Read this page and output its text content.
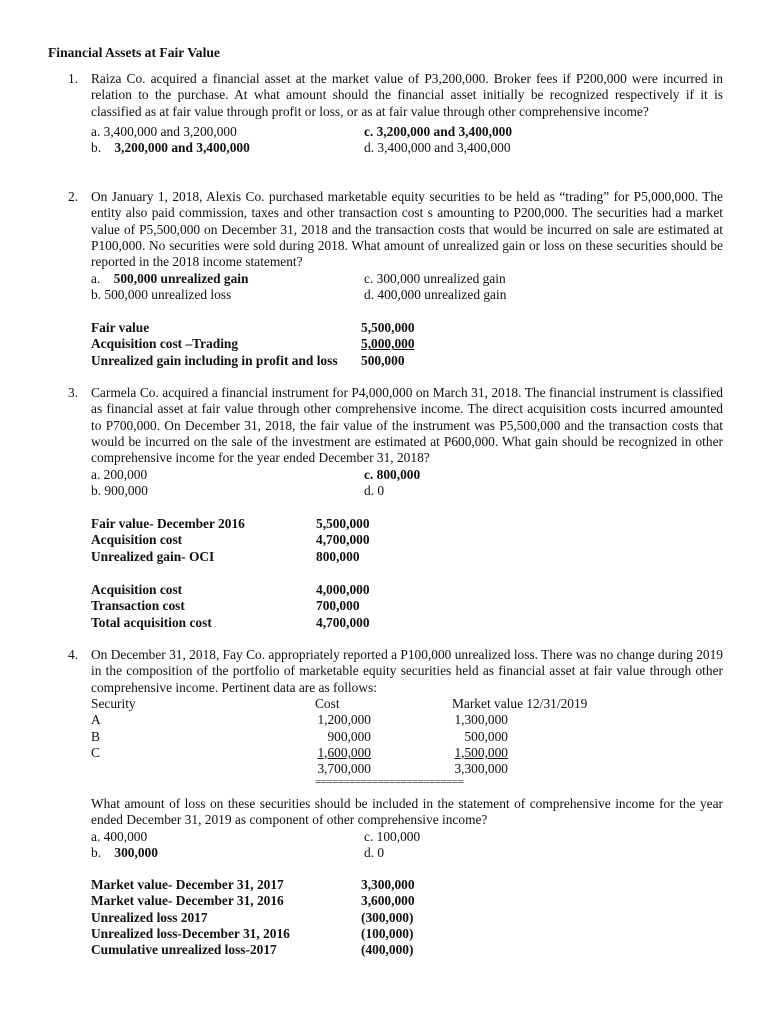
Financial Assets at Fair Value
1. Raiza Co. acquired a financial asset at the market value of P3,200,000. Broker fees if P200,000 were incurred in relation to the purchase. At what amount should the financial asset initially be recognized respectively if it is classified as at fair value through profit or loss, or as at fair value through other comprehensive income?
a. 3,400,000 and 3,200,000
b. 3,200,000 and 3,400,000
c. 3,200,000 and 3,400,000
d. 3,400,000 and 3,400,000
2. On January 1, 2018, Alexis Co. purchased marketable equity securities to be held as “trading” for P5,000,000. The entity also paid commission, taxes and other transaction cost s amounting to P200,000. The securities had a market value of P5,500,000 on December 31, 2018 and the transaction costs that would be incurred on sale are estimated at P100,000. No securities were sold during 2018. What amount of unrealized gain or loss on these securities should be reported in the 2018 income statement?
a. 500,000 unrealized gain
b. 500,000 unrealized loss
c. 300,000 unrealized gain
d. 400,000 unrealized gain
Fair value	5,500,000
Acquisition cost –Trading	5,000,000
Unrealized gain including in profit and loss	500,000
3. Carmela Co. acquired a financial instrument for P4,000,000 on March 31, 2018. The financial instrument is classified as financial asset at fair value through other comprehensive income. The direct acquisition costs incurred amounted to P700,000. On December 31, 2018, the fair value of the instrument was P5,500,000 and the transaction costs that would be incurred on the sale of the investment are estimated at P600,000. What gain should be recognized in other comprehensive income for the year ended December 31, 2018?
a. 200,000
b. 900,000
c. 800,000
d. 0
Fair value- December 2016	5,500,000
Acquisition cost	4,700,000
Unrealized gain- OCI	800,000
Acquisition cost	4,000,000
Transaction cost	700,000
Total acquisition cost	4,700,000
4. On December 31, 2018, Fay Co. appropriately reported a P100,000 unrealized loss. There was no change during 2019 in the composition of the portfolio of marketable equity securities held as financial asset at fair value through other comprehensive income. Pertinent data are as follows:
Security	Cost	Market value 12/31/2019
A	1,200,000	1,300,000
B	900,000	500,000
C	1,600,000	1,500,000
	3,700,000	3,300,000
==========================
What amount of loss on these securities should be included in the statement of comprehensive income for the year ended December 31, 2019 as component of other comprehensive income?
a. 400,000
b. 300,000
c. 100,000
d. 0
Market value- December 31, 2017	3,300,000
Market value- December 31, 2016	3,600,000
Unrealized loss 2017	(300,000)
Unrealized loss-December 31, 2016	(100,000)
Cumulative unrealized loss-2017	(400,000)
